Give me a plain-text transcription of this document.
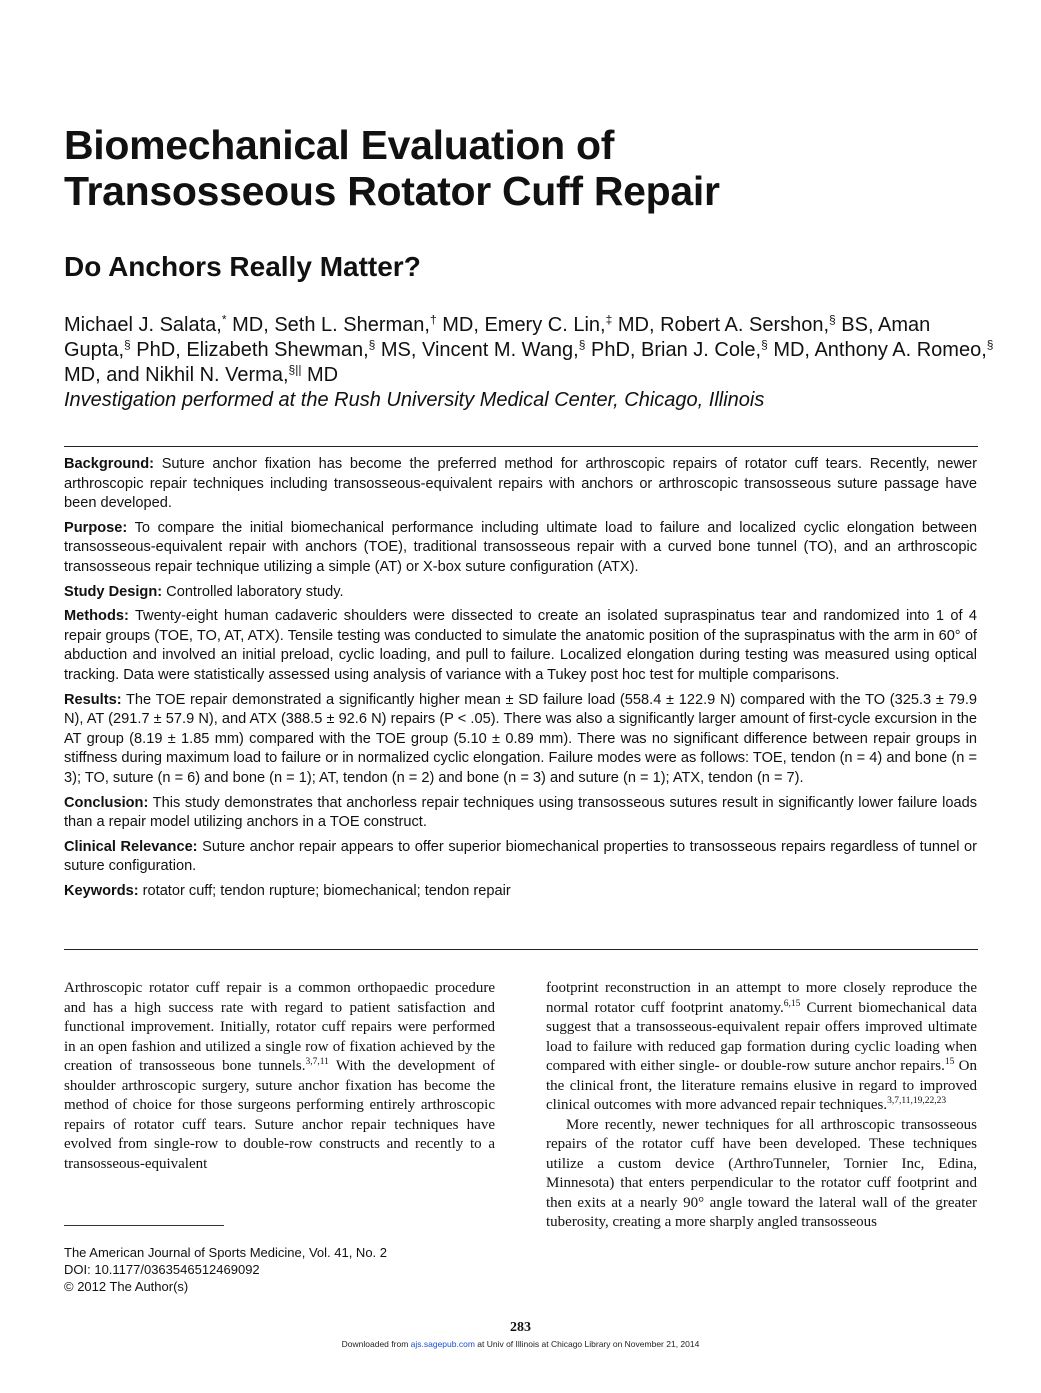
Biomechanical Evaluation of
Transosseous Rotator Cuff Repair
Do Anchors Really Matter?
Michael J. Salata,* MD, Seth L. Sherman,† MD, Emery C. Lin,‡ MD, Robert A. Sershon,§ BS, Aman Gupta,§ PhD, Elizabeth Shewman,§ MS, Vincent M. Wang,§ PhD, Brian J. Cole,§ MD, Anthony A. Romeo,§ MD, and Nikhil N. Verma,§|| MD
Investigation performed at the Rush University Medical Center, Chicago, Illinois

Background: Suture anchor fixation has become the preferred method for arthroscopic repairs of rotator cuff tears. Recently, newer arthroscopic repair techniques including transosseous-equivalent repairs with anchors or arthroscopic transosseous suture passage have been developed.

Purpose: To compare the initial biomechanical performance including ultimate load to failure and localized cyclic elongation between transosseous-equivalent repair with anchors (TOE), traditional transosseous repair with a curved bone tunnel (TO), and an arthroscopic transosseous repair technique utilizing a simple (AT) or X-box suture configuration (ATX).

Study Design: Controlled laboratory study.

Methods: Twenty-eight human cadaveric shoulders were dissected to create an isolated supraspinatus tear and randomized into 1 of 4 repair groups (TOE, TO, AT, ATX). Tensile testing was conducted to simulate the anatomic position of the supraspinatus with the arm in 60° of abduction and involved an initial preload, cyclic loading, and pull to failure. Localized elongation during testing was measured using optical tracking. Data were statistically assessed using analysis of variance with a Tukey post hoc test for multiple comparisons.

Results: The TOE repair demonstrated a significantly higher mean ± SD failure load (558.4 ± 122.9 N) compared with the TO (325.3 ± 79.9 N), AT (291.7 ± 57.9 N), and ATX (388.5 ± 92.6 N) repairs (P < .05). There was also a significantly larger amount of first-cycle excursion in the AT group (8.19 ± 1.85 mm) compared with the TOE group (5.10 ± 0.89 mm). There was no significant difference between repair groups in stiffness during maximum load to failure or in normalized cyclic elongation. Failure modes were as follows: TOE, tendon (n = 4) and bone (n = 3); TO, suture (n = 6) and bone (n = 1); AT, tendon (n = 2) and bone (n = 3) and suture (n = 1); ATX, tendon (n = 7).

Conclusion: This study demonstrates that anchorless repair techniques using transosseous sutures result in significantly lower failure loads than a repair model utilizing anchors in a TOE construct.

Clinical Relevance: Suture anchor repair appears to offer superior biomechanical properties to transosseous repairs regardless of tunnel or suture configuration.

Keywords: rotator cuff; tendon rupture; biomechanical; tendon repair

Arthroscopic rotator cuff repair is a common orthopaedic procedure and has a high success rate with regard to patient satisfaction and functional improvement. Initially, rotator cuff repairs were performed in an open fashion and utilized a single row of fixation achieved by the creation of transosseous bone tunnels.$^{3,7,11}$ With the development of shoulder arthroscopic surgery, suture anchor fixation has become the method of choice for those surgeons performing entirely arthroscopic repairs of rotator cuff tears. Suture anchor repair techniques have evolved from single-row to double-row constructs and recently to a transosseous-equivalent

footprint reconstruction in an attempt to more closely reproduce the normal rotator cuff footprint anatomy.$^{6,15}$ Current biomechanical data suggest that a transosseous-equivalent repair offers improved ultimate load to failure with reduced gap formation during cyclic loading when compared with either single- or double-row suture anchor repairs.$^{15}$ On the clinical front, the literature remains elusive in regard to improved clinical outcomes with more advanced repair techniques.$^{3,7,11,19,22,23}$

More recently, newer techniques for all arthroscopic transosseous repairs of the rotator cuff have been developed. These techniques utilize a custom device (ArthroTunneler, Tornier Inc, Edina, Minnesota) that enters perpendicular to the rotator cuff footprint and then exits at a nearly 90° angle toward the lateral wall of the greater tuberosity, creating a more sharply angled transosseous

The American Journal of Sports Medicine, Vol. 41, No. 2
DOI: 10.1177/0363546512469092
© 2012 The Author(s)
283
Downloaded from ajs.sagepub.com at Univ of Illinois at Chicago Library on November 21, 2014
